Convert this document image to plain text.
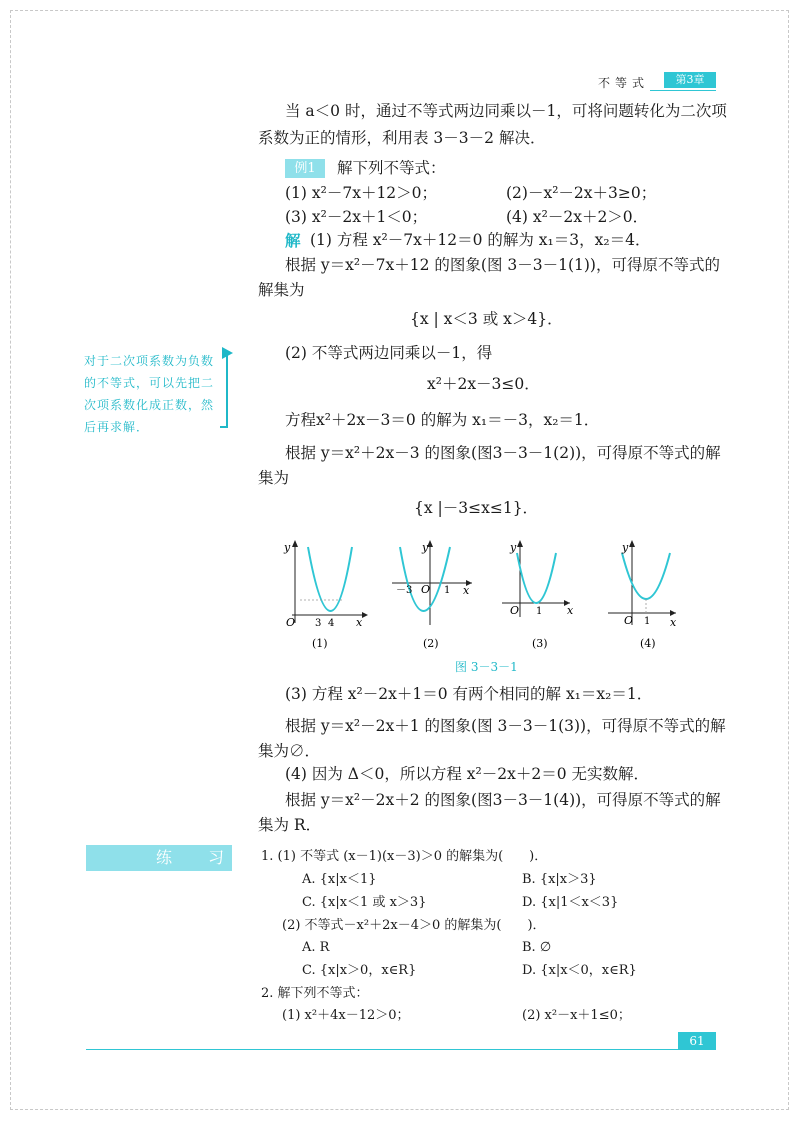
不等式	第3章
当 a＜0 时，通过不等式两边同乘以－1，可将问题转化为二次项
系数为正的情形，利用表 3－3－2 解决．
例1	解下列不等式：
(1) x²－7x＋12＞0；	(2)－x²－2x＋3≥0；
(3) x²－2x＋1＜0；	(4) x²－2x＋2＞0．
解 (1) 方程 x²－7x＋12＝0 的解为 x₁＝3，x₂＝4．
根据 y＝x²－7x＋12 的图象(图 3－3－1(1))，可得原不等式的
解集为
{x | x＜3 或 x＞4}．
(2) 不等式两边同乘以－1，得
x²＋2x－3≤0．
方程x²＋2x－3＝0 的解为 x₁＝－3，x₂＝1．
根据 y＝x²＋2x－3 的图象(图3－3－1(2))，可得原不等式的解
集为
{x |－3≤x≤1}．
对于二次项系数为负数的不等式，可以先把二次项系数化成正数，然后再求解．
y
O 3 4 x
y
－3 O 1 x
y
O 1 x
y
O 1 x
(1)	(2)	(3)	(4)
图 3－3－1
(3) 方程 x²－2x＋1＝0 有两个相同的解 x₁＝x₂＝1．
根据 y＝x²－2x＋1 的图象(图 3－3－1(3))，可得原不等式的解
集为∅．
(4) 因为 Δ＜0，所以方程 x²－2x＋2＝0 无实数解．
根据 y＝x²－2x＋2 的图象(图3－3－1(4))，可得原不等式的解
集为 R．
练习 1. (1) 不等式 (x－1)(x－3)＞0 的解集为(　　)．
A. {x|x＜1}	B. {x|x＞3}
C. {x|x＜1 或 x＞3}	D. {x|1＜x＜3}
(2) 不等式－x²＋2x－4＞0 的解集为(　　)．
A. R	B. ∅
C. {x|x＞0，x∈R}	D. {x|x＜0，x∈R}
2. 解下列不等式：
(1) x²＋4x－12＞0；	(2) x²－x＋1≤0；
61
